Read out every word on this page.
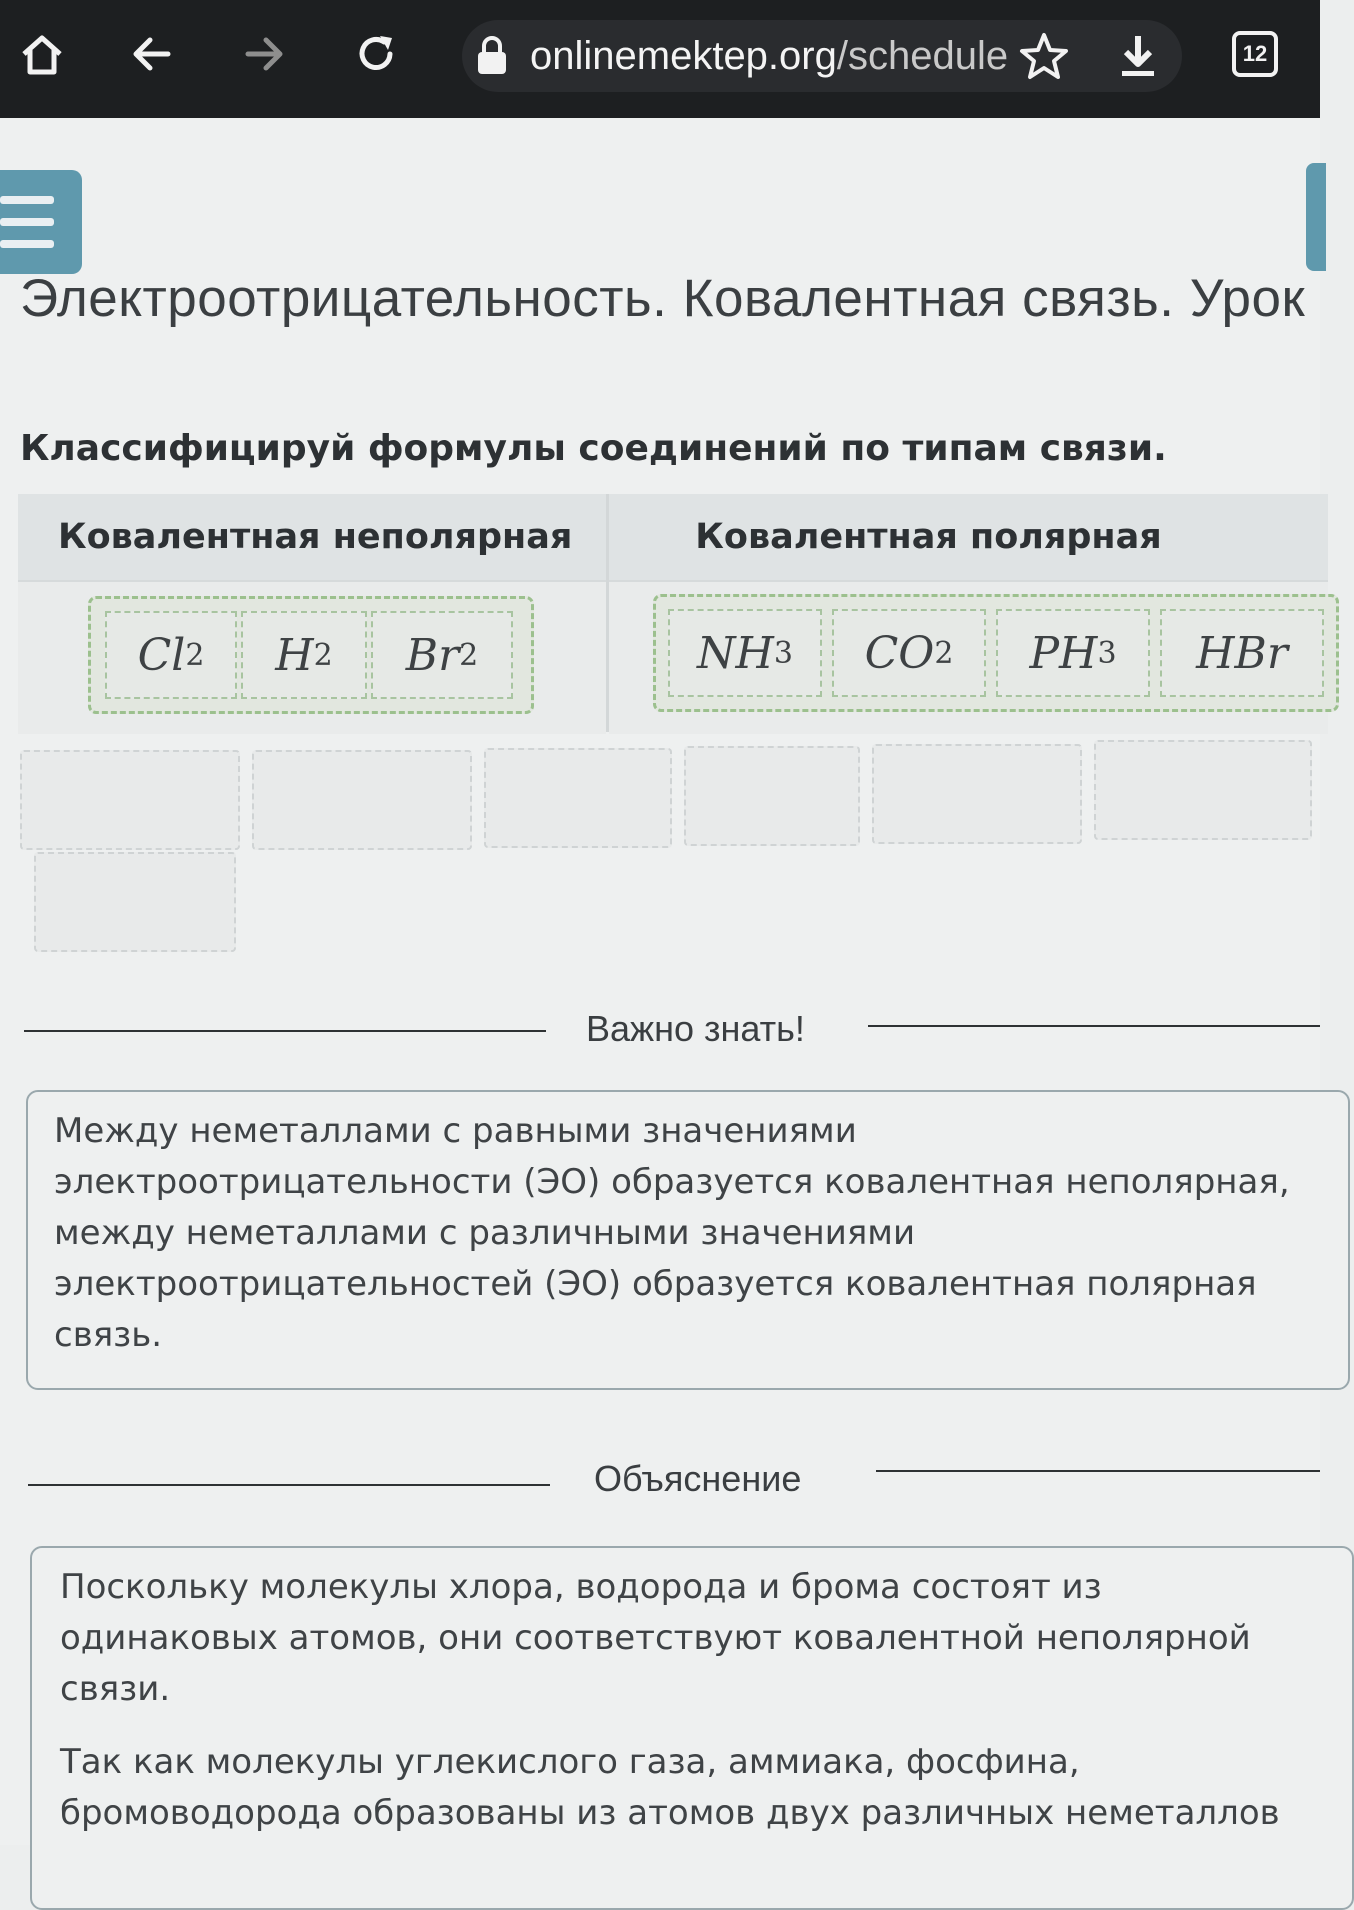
onlinemektep.org/schedule	12
Электроотрицательность. Ковалентная связь. Урок
Классифицируй формулы соединений по типам связи.
Ковалентная неполярная	Ковалентная полярная
Cl 2 H 2 Br 2	NH 3 CO 2 PH 3 HBr
Важно знать!

Между неметаллами с равными значениями

электроотрицательности (ЭО) образуется ковалентная неполярная,

между неметаллами с различными значениями

электроотрицательностей (ЭО) образуется ковалентная полярная

связь.

Объяснение

Поскольку молекулы хлора, водорода и брома состоят из

одинаковых атомов, они соответствуют ковалентной неполярной

связи.

Так как молекулы углекислого газа, аммиака, фосфина,

бромоводорода образованы из атомов двух различных неметаллов
